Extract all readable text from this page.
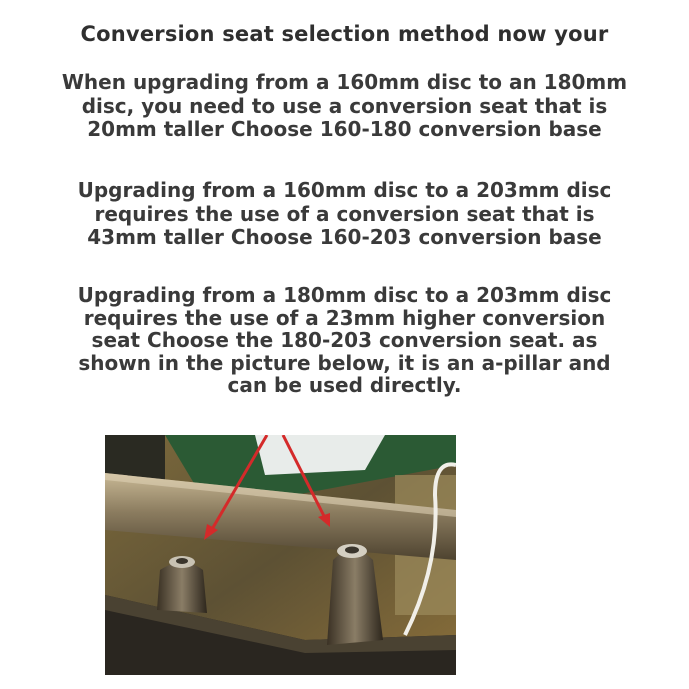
Conversion seat selection method now your
When upgrading from a 160mm disc to an 180mm disc, you need to use a conversion seat that is 20mm taller Choose 160-180 conversion base
Upgrading from a 160mm disc to a 203mm disc requires the use of a conversion seat that is 43mm taller Choose 160-203 conversion base
Upgrading from a 180mm disc to a 203mm disc requires the use of a 23mm higher conversion seat Choose the 180-203 conversion seat. as shown in the picture below, it is an a-pillar and can be used directly.
